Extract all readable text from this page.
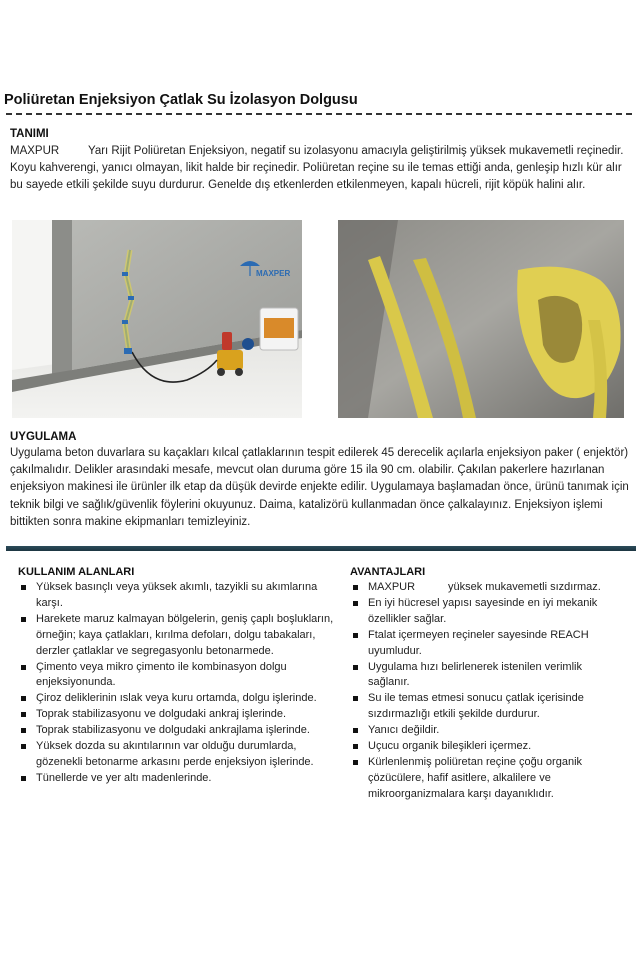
Poliüretan Enjeksiyon Çatlak Su İzolasyon Dolgusu
TANIMI
MAXPUR	Yarı Rijit Poliüretan Enjeksiyon, negatif su izolasyonu amacıyla geliştirilmiş yüksek mukavemetli reçinedir. Koyu kahverengi, yanıcı olmayan, likit halde bir reçinedir. Poliüretan reçine su ile temas ettiği anda, genleşip hızlı kür alır bu sayede etkili şekilde suyu durdurur. Genelde dış etkenlerden etkilenmeyen, kapalı hücreli, rijit köpük halini alır.
MAXPER
UYGULAMA
Uygulama beton duvarlara su kaçakları kılcal çatlaklarının tespit edilerek 45 derecelik açılarla enjeksiyon paker ( enjektör) çakılmalıdır. Delikler arasındaki mesafe, mevcut olan duruma göre 15 ila 90 cm. olabilir. Çakılan pakerlere hazırlanan enjeksiyon makinesi ile ürünler ilk etap da düşük devirde enjekte edilir. Uygulamaya başlamadan önce, ürünü tanımak için teknik bilgi ve sağlık/güvenlik föylerini okuyunuz. Daima, katalizörü kullanmadan önce çalkalayınız. Enjeksiyon işlemi bittikten sonra makine ekipmanları temizleyiniz.
KULLANIM ALANLARI
Yüksek basınçlı veya yüksek akımlı, tazyikli su akımlarına karşı.
Harekete maruz kalmayan bölgelerin, geniş çaplı boşlukların, örneğin; kaya çatlakları, kırılma defoları, dolgu tabakaları, derzler çatlaklar ve segregasyonlu betonarmede.
Çimento veya mikro çimento ile kombinasyon dolgu enjeksiyonunda.
Çiroz deliklerinin ıslak veya kuru ortamda, dolgu işlerinde.
Toprak stabilizasyonu ve dolgudaki ankraj işlerinde.
Toprak stabilizasyonu ve dolgudaki ankrajlama işlerinde.
Yüksek dozda su akıntılarının var olduğu durumlarda, gözenekli betonarme arkasını perde enjeksiyon işlerinde.
Tünellerde ve yer altı madenlerinde.
AVANTAJLARI
MAXPUR	yüksek mukavemetli sızdırmaz.
En iyi hücresel yapısı sayesinde en iyi mekanik özellikler sağlar.
Ftalat içermeyen reçineler sayesinde REACH uyumludur.
Uygulama hızı belirlenerek istenilen verimlik sağlanır.
Su ile temas etmesi sonucu çatlak içerisinde sızdırmazlığı etkili şekilde durdurur.
Yanıcı değildir.
Uçucu organik bileşikleri içermez.
Kürlenlenmiş poliüretan reçine çoğu organik çözücülere, hafif asitlere, alkalilere ve mikroorganizmalara karşı dayanıklıdır.
